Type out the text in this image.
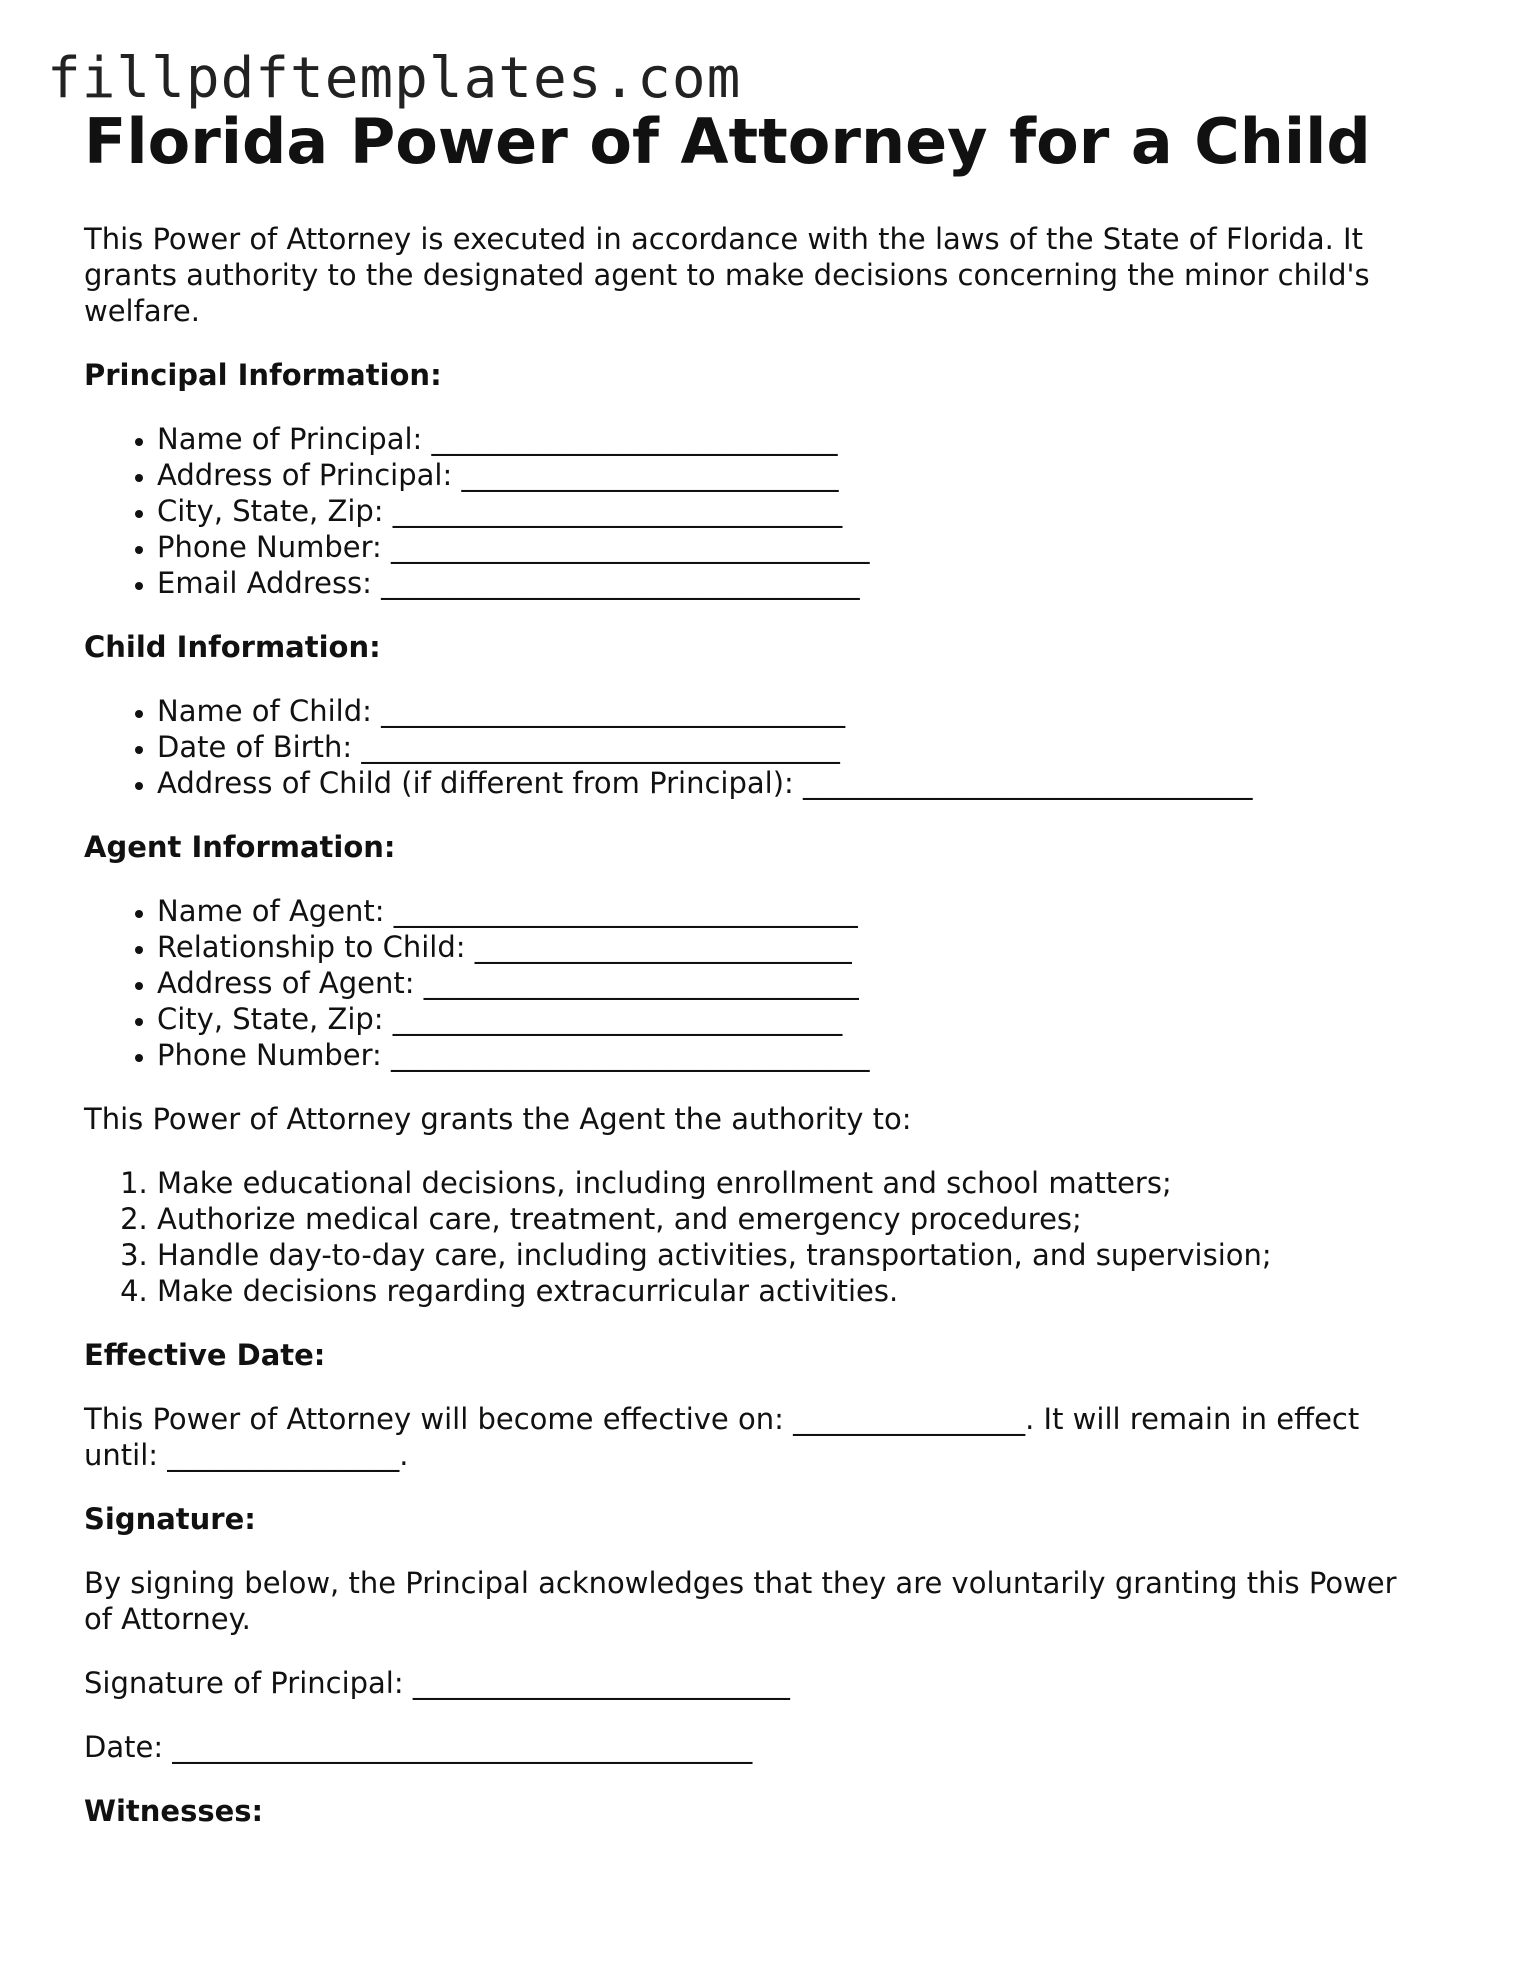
fillpdftemplates.com
Florida Power of Attorney for a Child

This Power of Attorney is executed in accordance with the laws of the State of Florida. It grants authority to the designated agent to make decisions concerning the minor child's welfare.

Principal Information:

• Name of Principal: ____________________________
• Address of Principal: __________________________
• City, State, Zip: _______________________________
• Phone Number: _________________________________
• Email Address: _________________________________

Child Information:

• Name of Child: ________________________________
• Date of Birth: _________________________________
• Address of Child (if different from Principal): _______________________________

Agent Information:

• Name of Agent: ________________________________
• Relationship to Child: __________________________
• Address of Agent: ______________________________
• City, State, Zip: _______________________________
• Phone Number: _________________________________

This Power of Attorney grants the Agent the authority to:

1. Make educational decisions, including enrollment and school matters;
2. Authorize medical care, treatment, and emergency procedures;
3. Handle day-to-day care, including activities, transportation, and supervision;
4. Make decisions regarding extracurricular activities.

Effective Date:

This Power of Attorney will become effective on: ________________. It will remain in effect until: ________________.

Signature:

By signing below, the Principal acknowledges that they are voluntarily granting this Power of Attorney.

Signature of Principal: __________________________

Date: ________________________________________

Witnesses:
